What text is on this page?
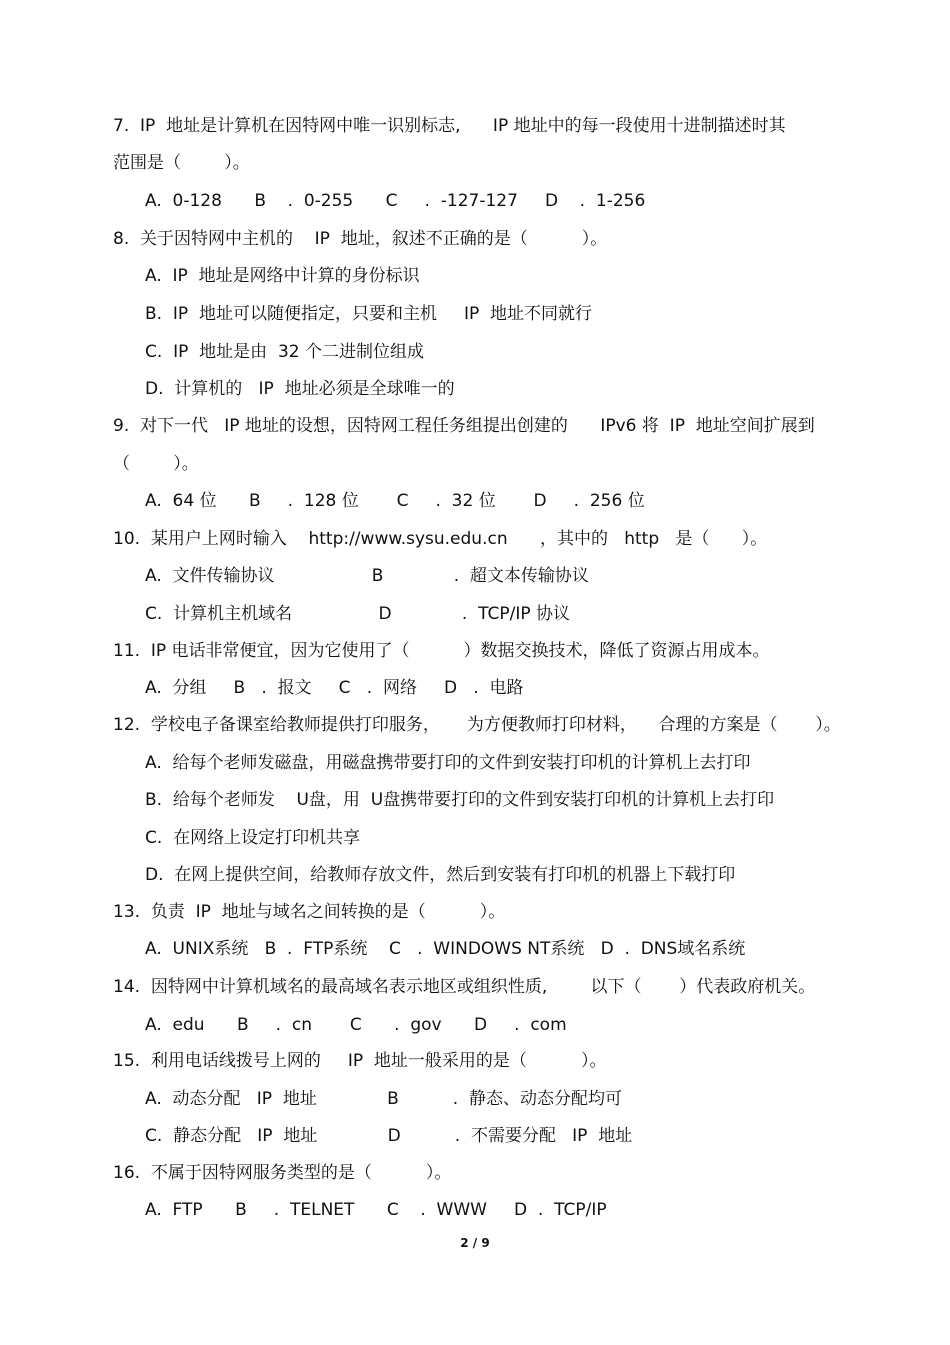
7.  IP  地址是计算机在因特网中唯一识别标志,      IP 地址中的每一段使用十进制描述时其
范围是（        ）。
A.  0-128      B    .  0-255      C     .  -127-127     D    .  1-256
8.  关于因特网中主机的    IP  地址，叙述不正确的是（          ）。
A.  IP  地址是网络中计算的身份标识
B.  IP  地址可以随便指定，只要和主机     IP  地址不同就行
C.  IP  地址是由  32 个二进制位组成
D.  计算机的   IP  地址必须是全球唯一的
9.  对下一代   IP 地址的设想，因特网工程任务组提出创建的      IPv6 将  IP  地址空间扩展到
（        ）。
A.  64 位      B     .  128 位       C     .  32 位       D     .  256 位
10.  某用户上网时输入    http://www.sysu.edu.cn      ，其中的   http   是（      ）。
A.  文件传输协议                  B             .  超文本传输协议
C.  计算机主机域名                D             .  TCP/IP 协议
11.  IP 电话非常便宜，因为它使用了（          ）数据交换技术，降低了资源占用成本。
A.  分组     B   .  报文     C   .  网络     D   .  电路
12.  学校电子备课室给教师提供打印服务，     为方便教师打印材料，    合理的方案是（       ）。
A.  给每个老师发磁盘，用磁盘携带要打印的文件到安装打印机的计算机上去打印
B.  给每个老师发    U盘，用  U盘携带要打印的文件到安装打印机的计算机上去打印
C.  在网络上设定打印机共享
D.  在网上提供空间，给教师存放文件，然后到安装有打印机的机器上下载打印
13.  负责  IP  地址与域名之间转换的是（          ）。
A.  UNIX系统   B  .  FTP系统    C   .  WINDOWS NT系统   D  .  DNS域名系统
14.  因特网中计算机域名的最高域名表示地区或组织性质,        以下（       ）代表政府机关。
A.  edu      B     .  cn       C      .  gov      D     .  com
15.  利用电话线拨号上网的     IP  地址一般采用的是（          ）。
A.  动态分配   IP  地址             B          .  静态、动态分配均可
C.  静态分配   IP  地址             D          .  不需要分配   IP  地址
16.  不属于因特网服务类型的是（          ）。
A.  FTP      B     .  TELNET      C    .  WWW     D  .  TCP/IP
2 / 9
